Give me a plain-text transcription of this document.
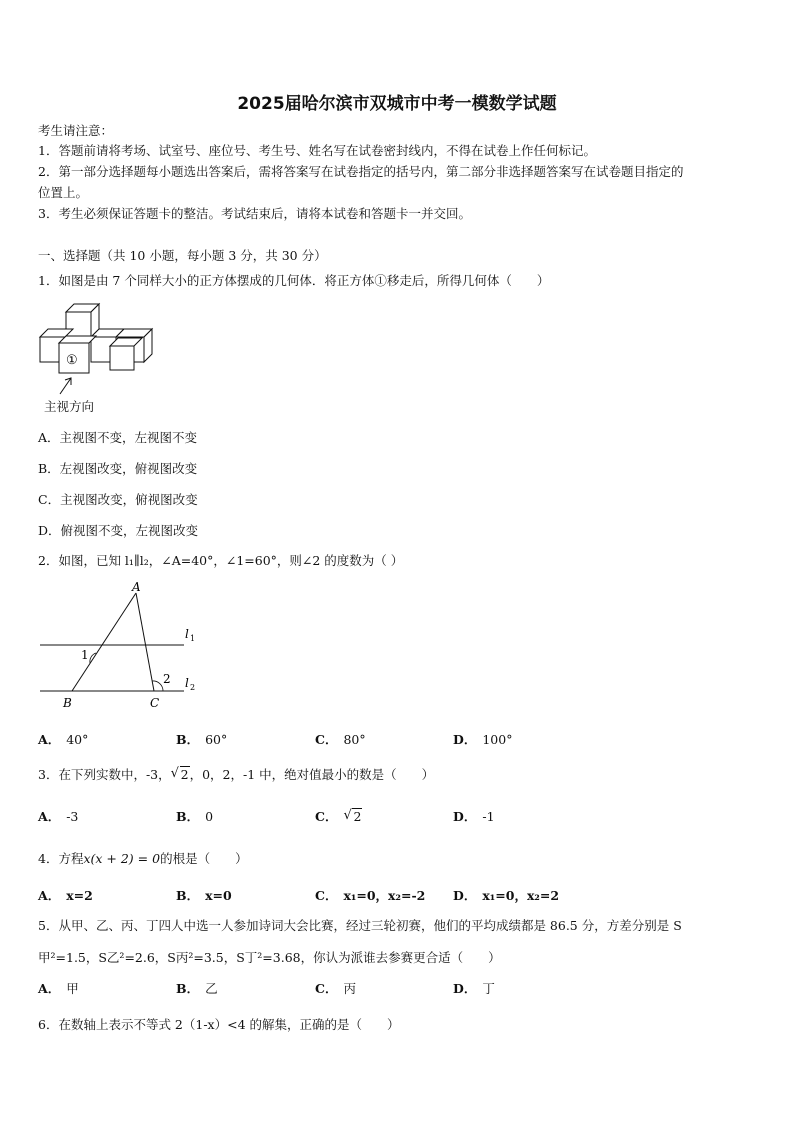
2025届哈尔滨市双城市中考一模数学试题
考生请注意：
1．答题前请将考场、试室号、座位号、考生号、姓名写在试卷密封线内，不得在试卷上作任何标记。
2．第一部分选择题每小题选出答案后，需将答案写在试卷指定的括号内，第二部分非选择题答案写在试卷题目指定的
位置上。
3．考生必须保证答题卡的整洁。考试结束后，请将本试卷和答题卡一并交回。
一、选择题（共 10 小题，每小题 3 分，共 30 分）
1．如图是由 7 个同样大小的正方体摆成的几何体．将正方体①移走后，所得几何体（　　）
①
主视方向
A．主视图不变，左视图不变
B．左视图改变，俯视图改变
C．主视图改变，俯视图改变
D．俯视图不变，左视图改变
2．如图，已知 l₁∥l₂，∠A=40°，∠1=60°，则∠2 的度数为（ ）
A
B	C
1
2
l 1
l 2
A． 40°	B． 60°	C． 80°	D． 100°
3．在下列实数中，-3， √ 2，0，2，-1 中，绝对值最小的数是（　　）
A． -3	B． 0	C． √ 2	D． -1
4．方程x(x + 2) = 0的根是（　　）
A． x=2	B． x=0	C． x₁=0，x₂=-2 D． x₁=0，x₂=2
5．从甲、乙、丙、丁四人中选一人参加诗词大会比赛，经过三轮初赛，他们的平均成绩都是 86.5 分，方差分别是 S
甲²=1.5，S乙²=2.6，S丙²=3.5，S丁²=3.68，你认为派谁去参赛更合适（　　）
A． 甲	B． 乙	C． 丙	D． 丁
6．在数轴上表示不等式 2（1-x）<4 的解集，正确的是（　　）
